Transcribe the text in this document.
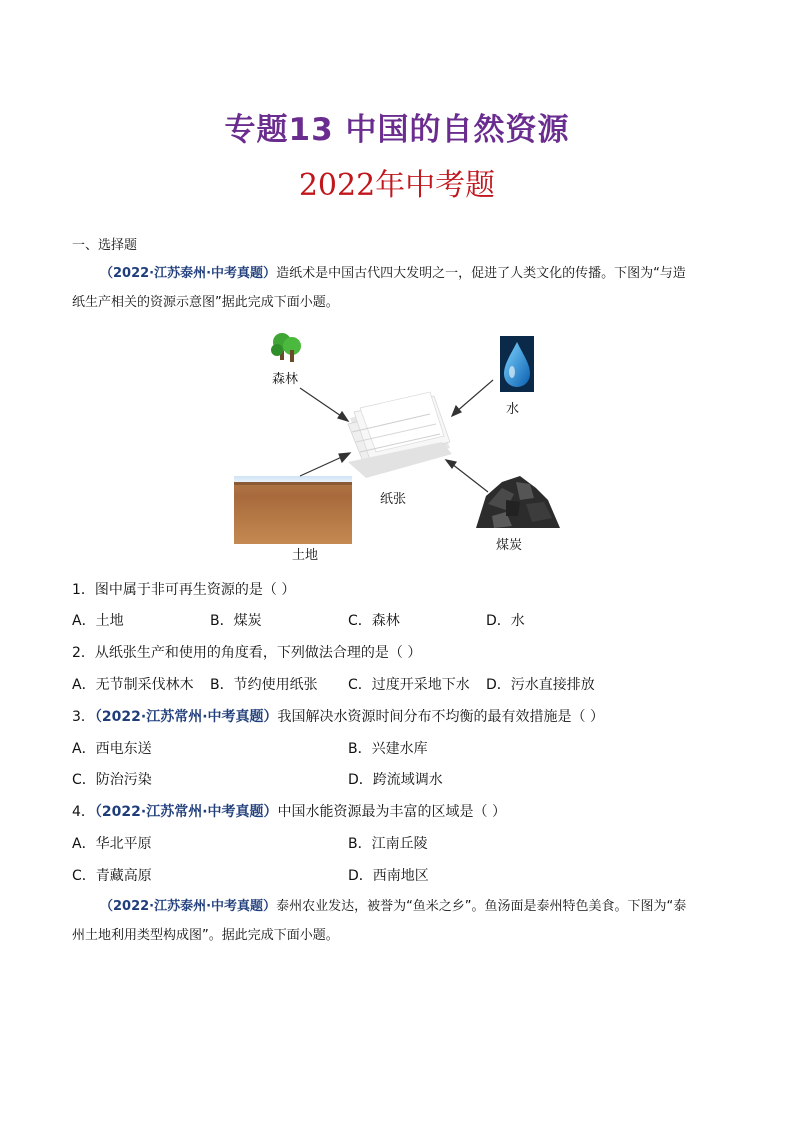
专题13 中国的自然资源
2022年中考题
一、选择题
（2022·江苏泰州·中考真题）造纸术是中国古代四大发明之一，促进了人类文化的传播。下图为“与造
纸生产相关的资源示意图”据此完成下面小题。
森林
水
纸张
土地
煤炭
1．图中属于非可再生资源的是（ ）
A．土地	B．煤炭	C．森林	D．水
2．从纸张生产和使用的角度看，下列做法合理的是（ ）
A．无节制采伐林木 B．节约使用纸张 C．过度开采地下水 D．污水直接排放
3．（2022·江苏常州·中考真题）我国解决水资源时间分布不均衡的最有效措施是（ ）
A．西电东送	B．兴建水库
C．防治污染	D．跨流域调水
4．（2022·江苏常州·中考真题）中国水能资源最为丰富的区域是（ ）
A．华北平原	B．江南丘陵
C．青藏高原	D．西南地区
（2022·江苏泰州·中考真题）泰州农业发达，被誉为“鱼米之乡”。鱼汤面是泰州特色美食。下图为“泰
州土地利用类型构成图”。据此完成下面小题。
